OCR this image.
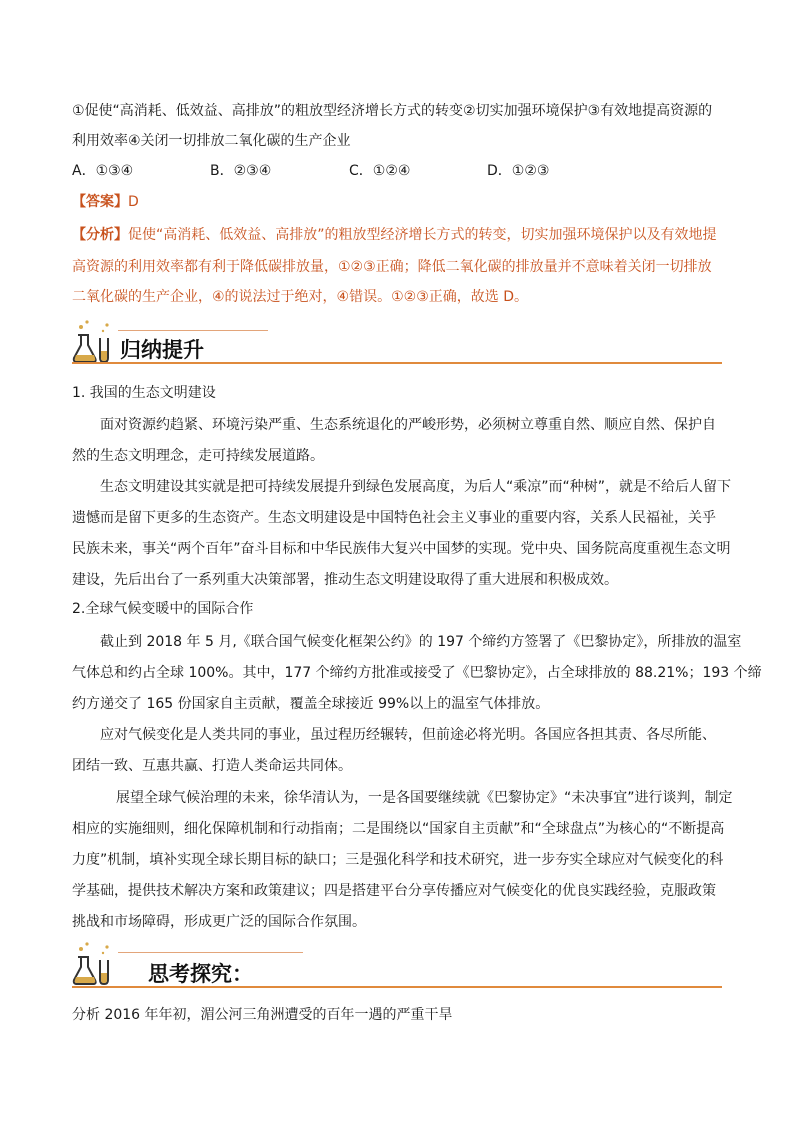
①促使“高消耗、低效益、高排放”的粗放型经济增长方式的转变②切实加强环境保护③有效地提高资源的
利用效率④关闭一切排放二氧化碳的生产企业
A．①③④	B．②③④	C．①②④	D．①②③
【答案】D
【分析】促使“高消耗、低效益、高排放”的粗放型经济增长方式的转变，切实加强环境保护以及有效地提
高资源的利用效率都有利于降低碳排放量，①②③正确；降低二氧化碳的排放量并不意味着关闭一切排放
二氧化碳的生产企业，④的说法过于绝对，④错误。①②③正确，故选 D。
归纳提升
1. 我国的生态文明建设
面对资源约趋紧、环境污染严重、生态系统退化的严峻形势，必须树立尊重自然、顺应自然、保护自
然的生态文明理念，走可持续发展道路。
生态文明建设其实就是把可持续发展提升到绿色发展高度，为后人“乘凉”而“种树”，就是不给后人留下
遗憾而是留下更多的生态资产。生态文明建设是中国特色社会主义事业的重要内容，关系人民福祉，关乎
民族未来，事关“两个百年”奋斗目标和中华民族伟大复兴中国梦的实现。党中央、国务院高度重视生态文明
建设，先后出台了一系列重大决策部署，推动生态文明建设取得了重大进展和积极成效。
2.全球气候变暖中的国际合作
截止到 2018 年 5 月,《联合国气候变化框架公约》的 197 个缔约方签署了《巴黎协定》，所排放的温室
气体总和约占全球 100%。其中，177 个缔约方批准或接受了《巴黎协定》，占全球排放的 88.21%；193 个缔
约方递交了 165 份国家自主贡献，覆盖全球接近 99%以上的温室气体排放。
应对气候变化是人类共同的事业，虽过程历经辗转，但前途必将光明。各国应各担其责、各尽所能、
团结一致、互惠共赢、打造人类命运共同体。
展望全球气候治理的未来，徐华清认为，一是各国要继续就《巴黎协定》“未决事宜”进行谈判，制定
相应的实施细则，细化保障机制和行动指南；二是围绕以“国家自主贡献”和“全球盘点”为核心的“不断提高
力度”机制，填补实现全球长期目标的缺口；三是强化科学和技术研究，进一步夯实全球应对气候变化的科
学基础，提供技术解决方案和政策建议；四是搭建平台分享传播应对气候变化的优良实践经验，克服政策
挑战和市场障碍，形成更广泛的国际合作氛围。
思考探究：
分析 2016 年年初，湄公河三角洲遭受的百年一遇的严重干旱
